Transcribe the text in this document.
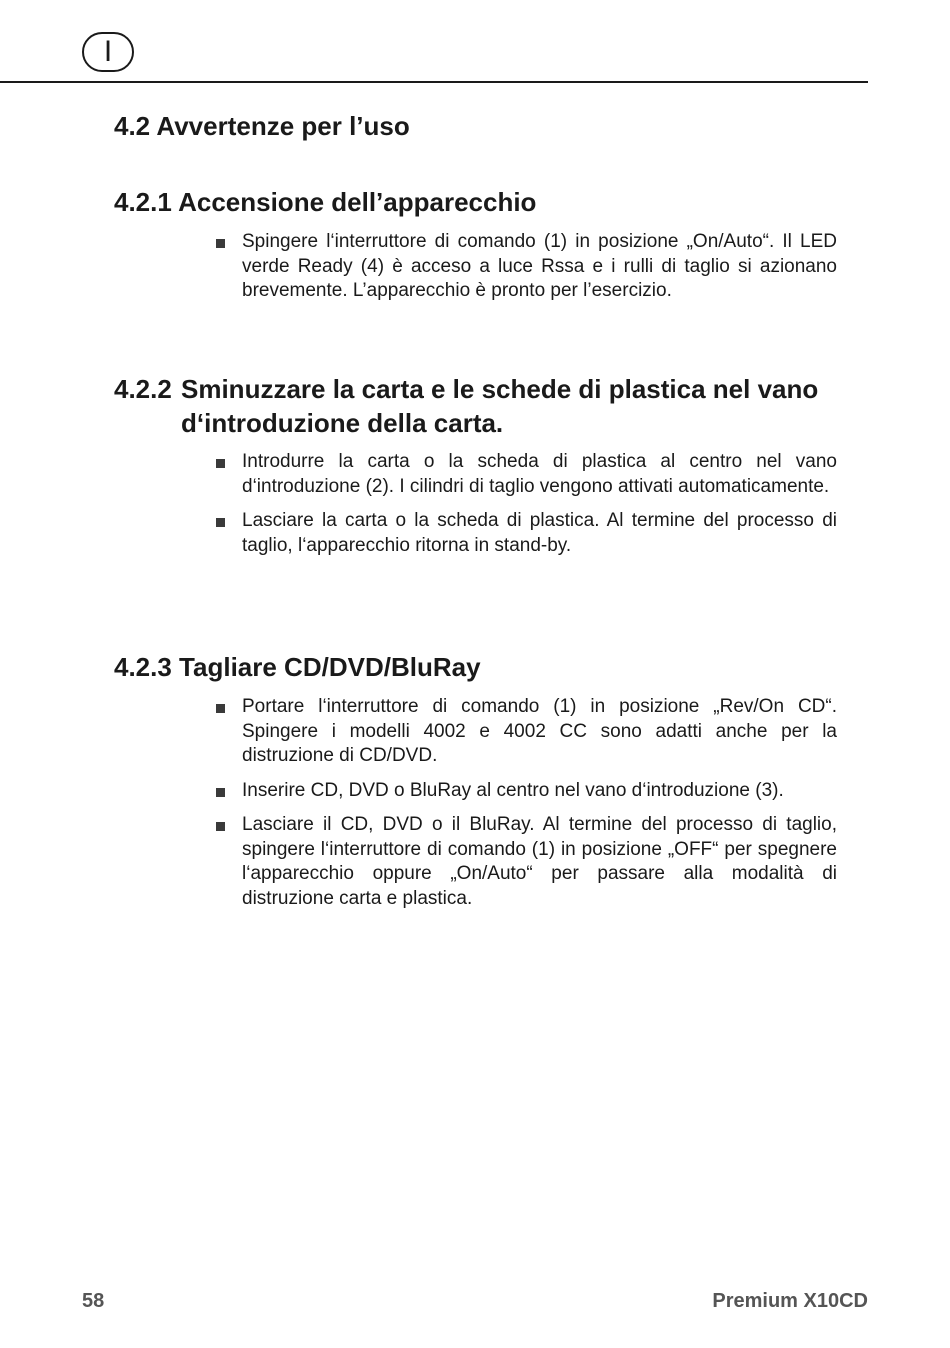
I
4.2 Avvertenze per l’uso
4.2.1 Accensione dell’apparecchio
Spingere l‘interruttore di comando (1) in posizione „On/Auto“. Il LED verde Ready (4) è acceso a luce Rssa e i rulli di taglio si azionano brevemente. L’apparecchio è pronto per l’esercizio.
4.2.2 Sminuzzare la carta e le schede di plastica nel vano d‘introduzione della carta.
Introdurre la carta o la scheda di plastica al centro nel vano d‘introduzione (2). I cilindri di taglio vengono attivati automaticamente.
Lasciare la carta o la scheda di plastica. Al termine del processo di taglio, l‘apparecchio ritorna in stand-by.
4.2.3 Tagliare CD/DVD/BluRay
Portare l‘interruttore di comando (1) in posizione „Rev/On CD“. Spingere i modelli 4002 e 4002 CC sono adatti anche per la distruzione di CD/DVD.
Inserire CD, DVD o BluRay al centro nel vano d‘introduzione (3).
Lasciare il CD, DVD o il BluRay. Al termine del processo di taglio, spingere l‘interruttore di comando (1) in posizione „OFF“ per spegnere l‘apparecchio oppure „On/Auto“ per passare alla modalità di distruzione carta e plastica.
58	Premium X10CD
